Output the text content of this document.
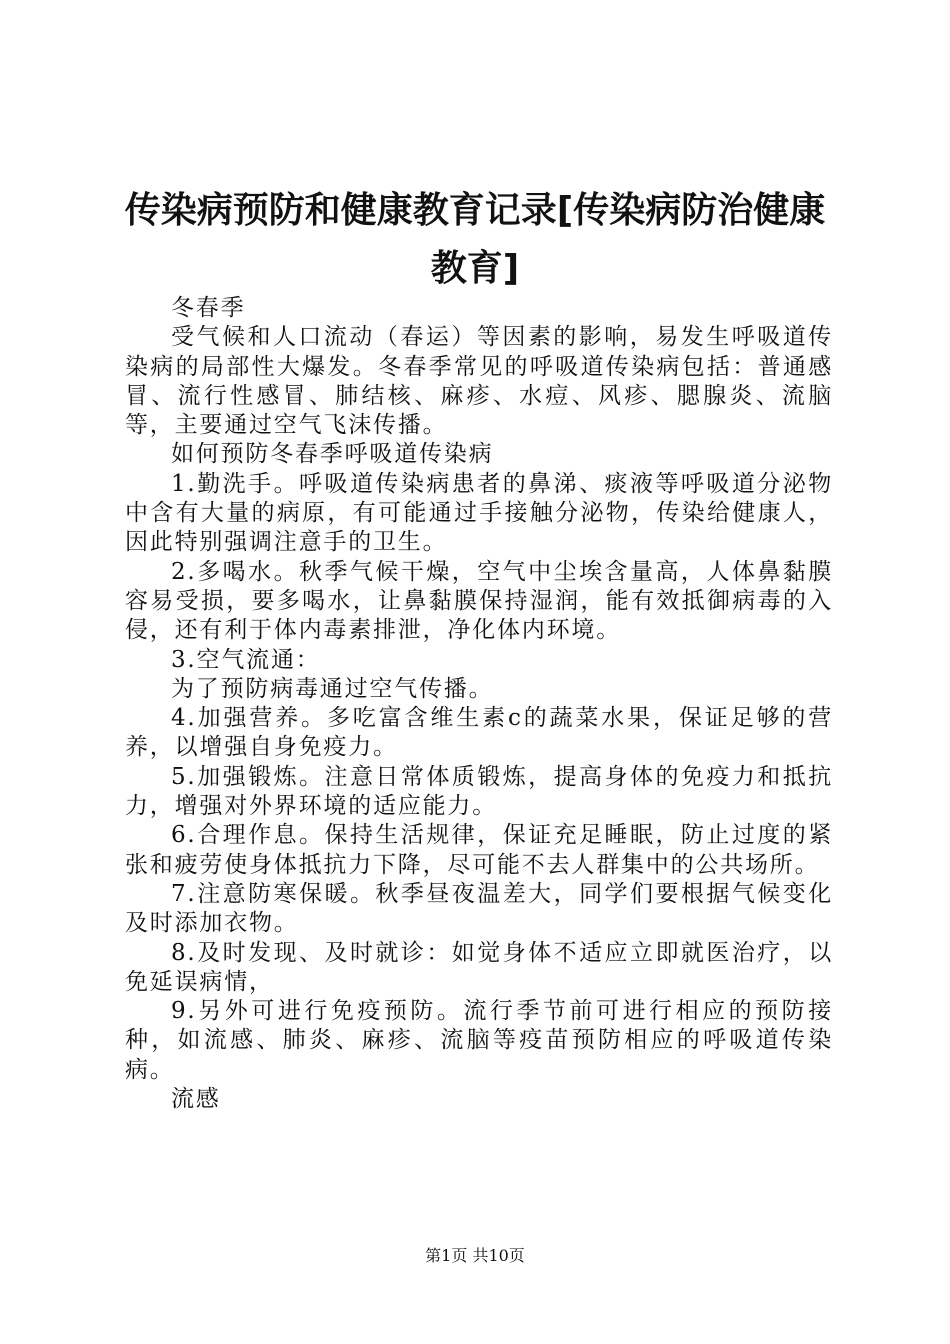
传染病预防和健康教育记录[传染病防治健康教育]

冬春季

受气候和人口流动（春运）等因素的影响，易发生呼吸道传染病的局部性大爆发。冬春季常见的呼吸道传染病包括：普通感冒、流行性感冒、肺结核、麻疹、水痘、风疹、腮腺炎、流脑等，主要通过空气飞沫传播。

如何预防冬春季呼吸道传染病

1.勤洗手。呼吸道传染病患者的鼻涕、痰液等呼吸道分泌物中含有大量的病原，有可能通过手接触分泌物，传染给健康人，因此特别强调注意手的卫生。

2.多喝水。秋季气候干燥，空气中尘埃含量高，人体鼻黏膜容易受损，要多喝水，让鼻黏膜保持湿润，能有效抵御病毒的入侵，还有利于体内毒素排泄，净化体内环境。

3.空气流通：

为了预防病毒通过空气传播。

4.加强营养。多吃富含维生素c的蔬菜水果，保证足够的营养，以增强自身免疫力。

5.加强锻炼。注意日常体质锻炼，提高身体的免疫力和抵抗力，增强对外界环境的适应能力。

6.合理作息。保持生活规律，保证充足睡眠，防止过度的紧张和疲劳使身体抵抗力下降，尽可能不去人群集中的公共场所。

7.注意防寒保暖。秋季昼夜温差大，同学们要根据气候变化及时添加衣物。

8.及时发现、及时就诊：如觉身体不适应立即就医治疗，以免延误病情，

9.另外可进行免疫预防。流行季节前可进行相应的预防接种，如流感、肺炎、麻疹、流脑等疫苗预防相应的呼吸道传染病。

流感

第1页 共10页
